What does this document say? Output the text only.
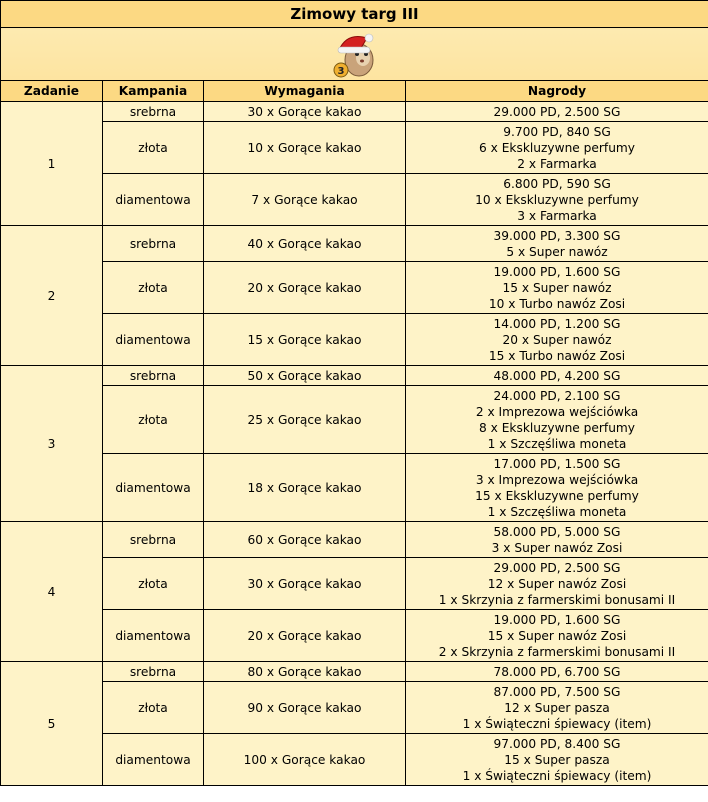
Zimowy targ III			

3			

Zadanie	Kampania	Wymagania	Nagrody
1	srebrna	30 x Gorące kakao	29.000 PD, 2.500 SG

	złota	10 x Gorące kakao	9.700 PD, 840 SG
6 x Ekskluzywne perfumy
2 x Farmarka

	diamentowa	7 x Gorące kakao	6.800 PD, 590 SG
10 x Ekskluzywne perfumy
3 x Farmarka

2	srebrna	40 x Gorące kakao	39.000 PD, 3.300 SG
5 x Super nawóz

	złota	20 x Gorące kakao	19.000 PD, 1.600 SG
15 x Super nawóz
10 x Turbo nawóz Zosi

	diamentowa	15 x Gorące kakao	14.000 PD, 1.200 SG
20 x Super nawóz
15 x Turbo nawóz Zosi

3	srebrna	50 x Gorące kakao	48.000 PD, 4.200 SG

	złota	25 x Gorące kakao	24.000 PD, 2.100 SG
2 x Imprezowa wejściówka
8 x Ekskluzywne perfumy
1 x Szczęśliwa moneta

	diamentowa	18 x Gorące kakao	17.000 PD, 1.500 SG
3 x Imprezowa wejściówka
15 x Ekskluzywne perfumy
1 x Szczęśliwa moneta

4	srebrna	60 x Gorące kakao	58.000 PD, 5.000 SG
3 x Super nawóz Zosi

	złota	30 x Gorące kakao	29.000 PD, 2.500 SG
12 x Super nawóz Zosi
1 x Skrzynia z farmerskimi bonusami II

	diamentowa	20 x Gorące kakao	19.000 PD, 1.600 SG
15 x Super nawóz Zosi
2 x Skrzynia z farmerskimi bonusami II

5	srebrna	80 x Gorące kakao	78.000 PD, 6.700 SG

	złota	90 x Gorące kakao	87.000 PD, 7.500 SG
12 x Super pasza
1 x Świąteczni śpiewacy (item)

	diamentowa	100 x Gorące kakao	97.000 PD, 8.400 SG
15 x Super pasza
1 x Świąteczni śpiewacy (item)
